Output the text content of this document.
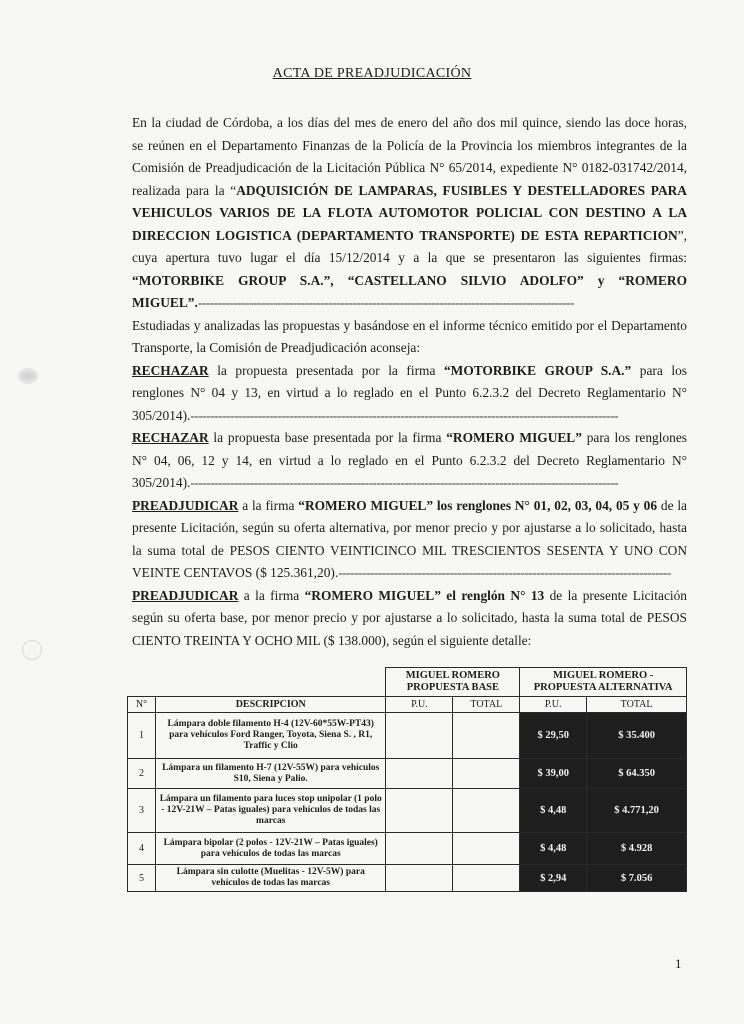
ACTA DE PREADJUDICACIÓN

En la ciudad de Córdoba, a los días del mes de enero del año dos mil quince, siendo las doce horas,

se reúnen en el Departamento Finanzas de la Policía de la Provincia los miembros integrantes de la

Comisión de Preadjudicación de la Licitación Pública N° 65/2014, expediente N° 0182-031742/2014,

realizada para la “ADQUISICIÓN DE LAMPARAS, FUSIBLES Y DESTELLADORES PARA

VEHICULOS VARIOS DE LA FLOTA AUTOMOTOR POLICIAL CON DESTINO A LA

DIRECCION LOGISTICA (DEPARTAMENTO TRANSPORTE) DE ESTA REPARTICION”,

cuya apertura tuvo lugar el día 15/12/2014 y a la que se presentaron las siguientes firmas:

“MOTORBIKE GROUP S.A.”, “CASTELLANO SILVIO ADOLFO” y “ROMERO

MIGUEL”.-----------------------------------------------------------------------------------------------

Estudiadas y analizadas las propuestas y basándose en el informe técnico emitido por el Departamento

Transporte, la Comisión de Preadjudicación aconseja:

RECHAZAR la propuesta presentada por la firma “MOTORBIKE GROUP S.A.” para los

renglones N° 04 y 13, en virtud a lo reglado en el Punto 6.2.3.2 del Decreto Reglamentario N°

305/2014).------------------------------------------------------------------------------------------------------------

RECHAZAR la propuesta base presentada por la firma “ROMERO MIGUEL” para los renglones

N° 04, 06, 12 y 14, en virtud a lo reglado en el Punto 6.2.3.2 del Decreto Reglamentario N°

305/2014).------------------------------------------------------------------------------------------------------------

PREADJUDICAR a la firma “ROMERO MIGUEL” los renglones N° 01, 02, 03, 04, 05 y 06 de la

presente Licitación, según su oferta alternativa, por menor precio y por ajustarse a lo solicitado, hasta

la suma total de PESOS CIENTO VEINTICINCO MIL TRESCIENTOS SESENTA Y UNO CON

VEINTE CENTAVOS ($ 125.361,20).------------------------------------------------------------------------------------

PREADJUDICAR a la firma “ROMERO MIGUEL” el renglón N° 13 de la presente Licitación

según su oferta base, por menor precio y por ajustarse a lo solicitado, hasta la suma total de PESOS

CIENTO TREINTA Y OCHO MIL ($ 138.000), según el siguiente detalle:

		MIGUEL ROMERO PROPUESTA BASE		MIGUEL ROMERO - PROPUESTA ALTERNATIVA	
N°	DESCRIPCION	P.U.	TOTAL	P.U.	TOTAL
1	Lámpara doble filamento H-4 (12V-60*55W-PT43) para vehículos Ford Ranger, Toyota, Siena S. , R1, Traffic y Clio			$ 29,50	$ 35.400
2	Lámpara un filamento H-7 (12V-55W) para vehículos S10, Siena y Palio.			$ 39,00	$ 64.350
3	Lámpara un filamento para luces stop unipolar (1 polo - 12V-21W – Patas iguales) para vehículos de todas las marcas			$ 4,48	$ 4.771,20
4	Lámpara bipolar (2 polos - 12V-21W – Patas iguales) para vehículos de todas las marcas			$ 4,48	$ 4.928
5	Lámpara sin culotte (Muelitas - 12V-5W) para vehículos de todas las marcas			$ 2,94	$ 7.056
1
